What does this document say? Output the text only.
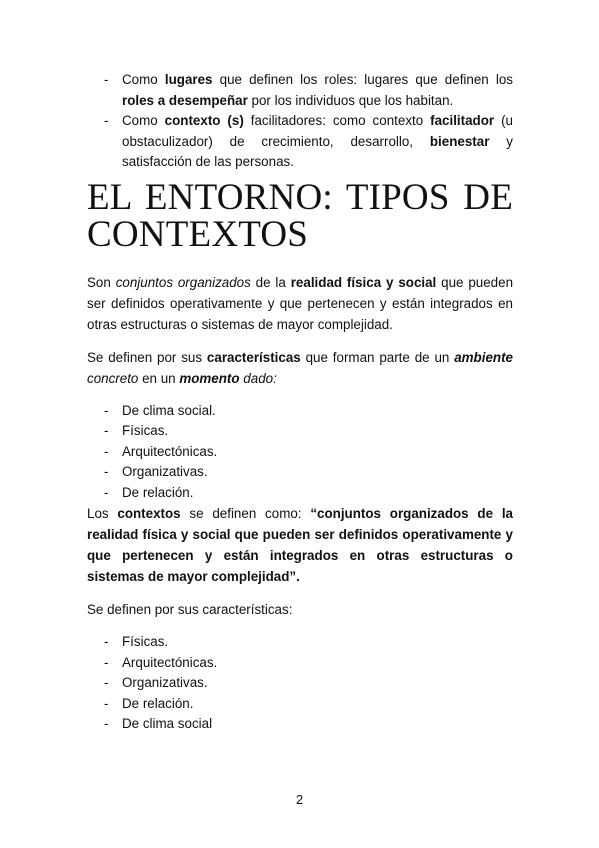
- Como lugares que definen los roles: lugares que definen los roles a desempeñar por los individuos que los habitan.
- Como contexto (s) facilitadores: como contexto facilitador (u obstaculizador) de crecimiento, desarrollo, bienestar y satisfacción de las personas.
EL ENTORNO: TIPOS DE
CONTEXTOS

Son conjuntos organizados de la realidad física y social que pueden ser definidos operativamente y que pertenecen y están integrados en otras estructuras o sistemas de mayor complejidad.

Se definen por sus características que forman parte de un ambiente concreto en un momento dado:

- De clima social.
- Físicas.
- Arquitectónicas.
- Organizativas.
- De relación.

Los contextos se definen como: “conjuntos organizados de la realidad física y social que pueden ser definidos operativamente y que pertenecen y están integrados en otras estructuras o sistemas de mayor complejidad”.

Se definen por sus características:

- Físicas.
- Arquitectónicas.
- Organizativas.
- De relación.
- De clima social
2
